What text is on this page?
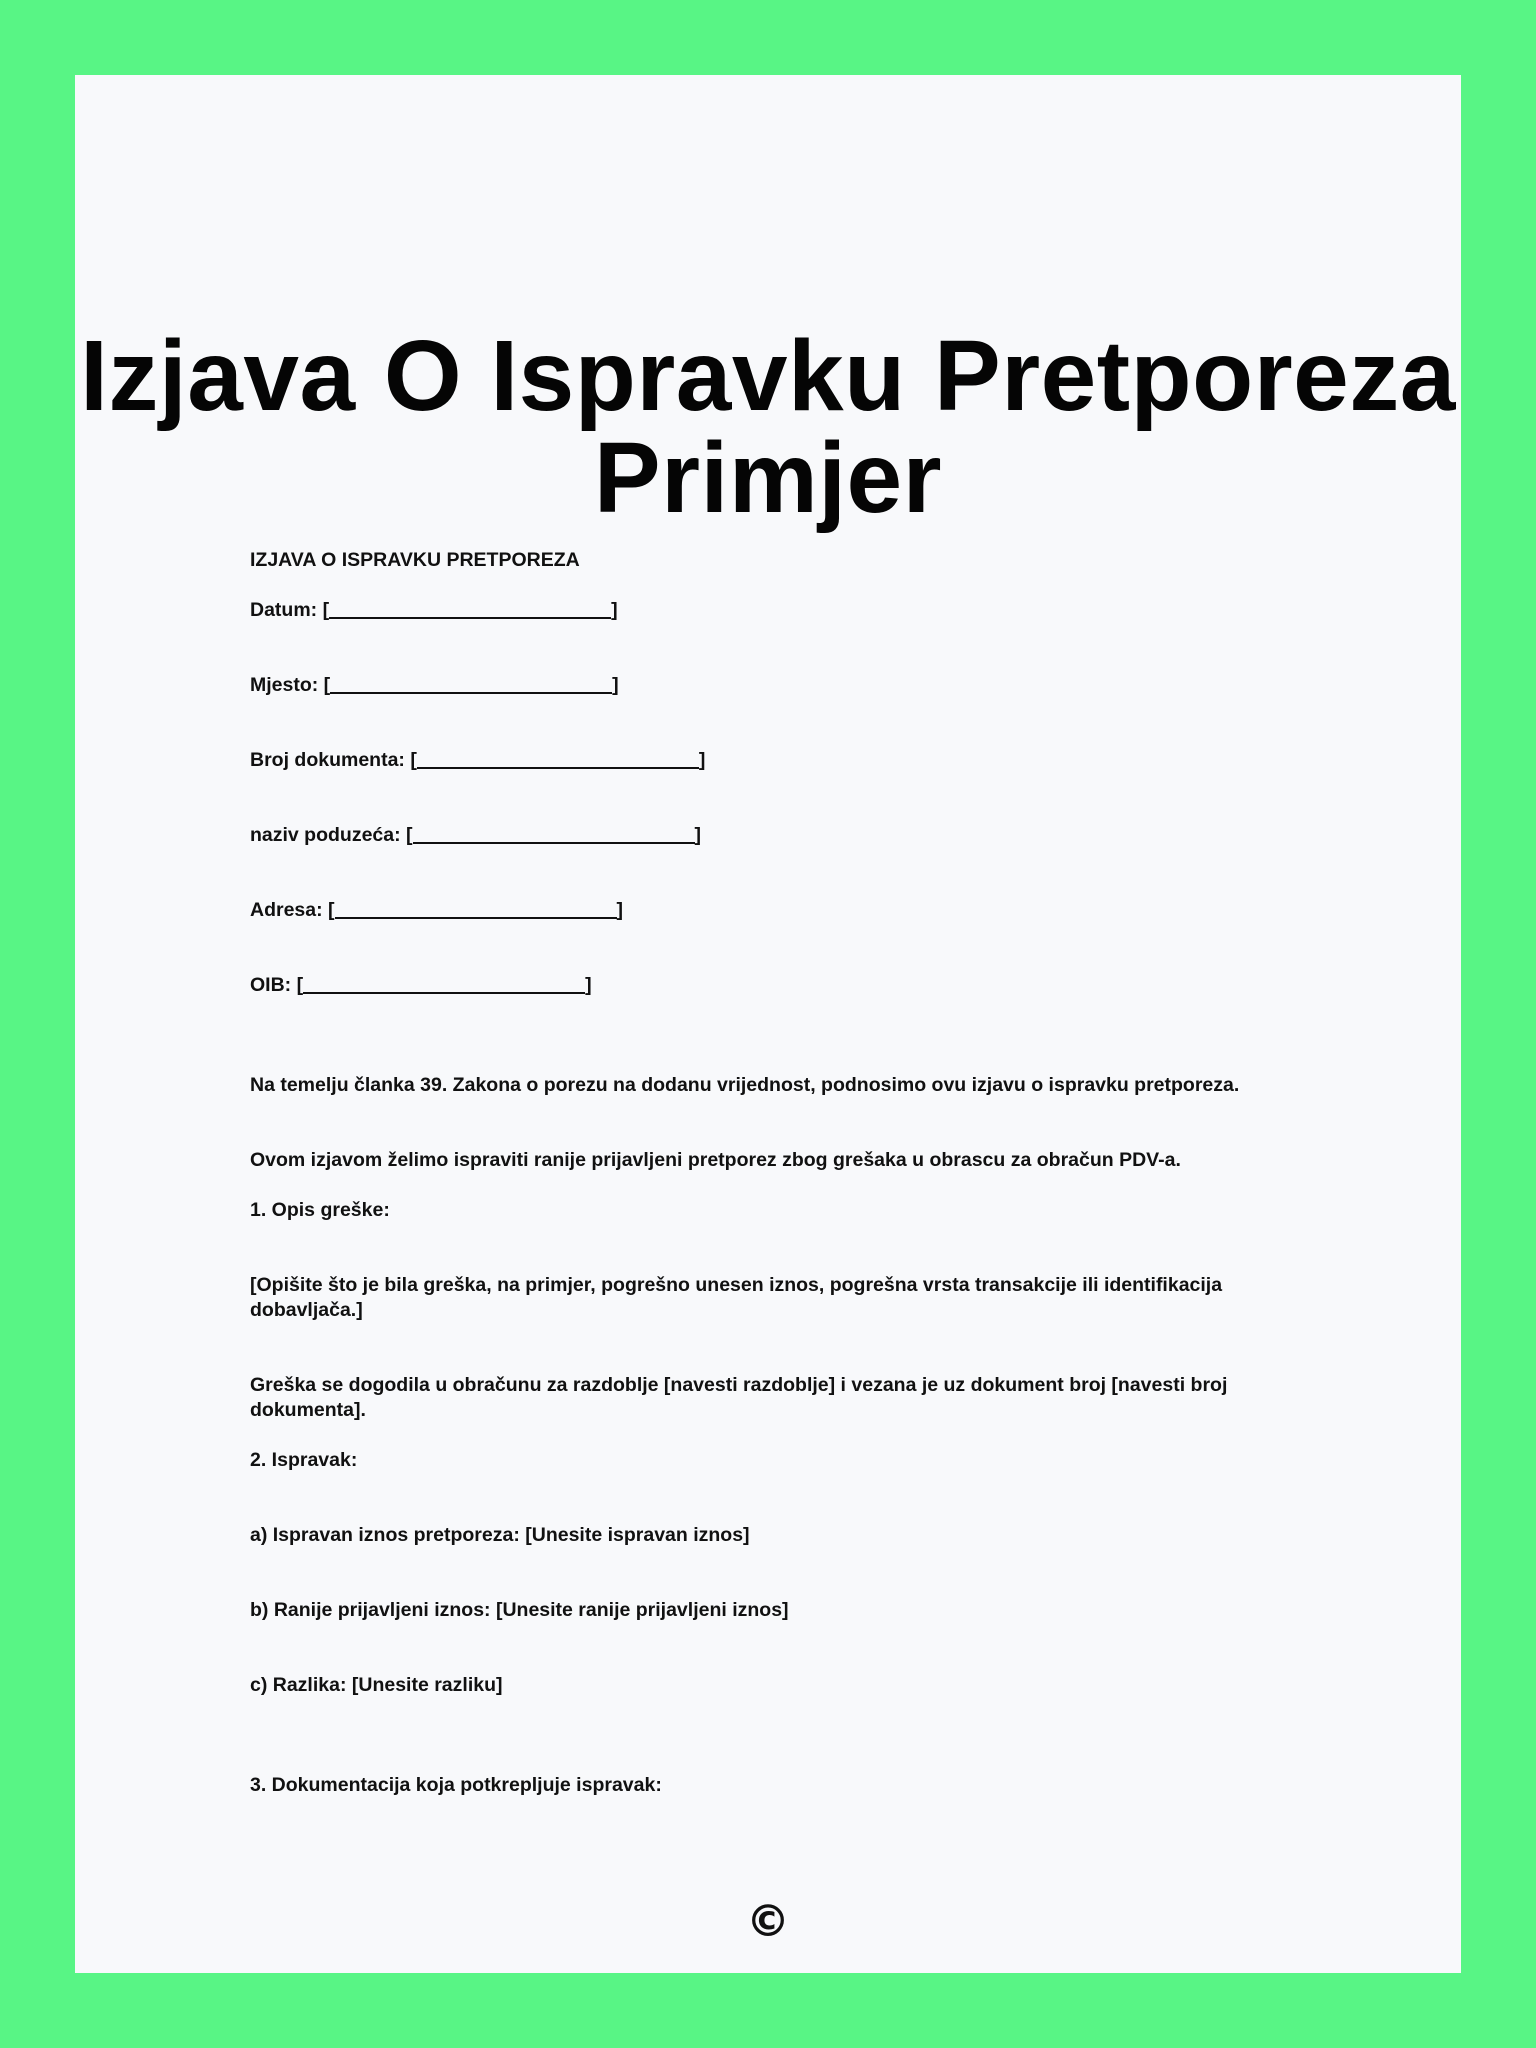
Izjava O Ispravku Pretporeza
Primjer

IZJAVA O ISPRAVKU PRETPOREZA

Datum: [	]

Mjesto: [	]

Broj dokumenta: [	]

naziv poduzeća: [	]

Adresa: [	]

OIB: [	]

Na temelju članka 39. Zakona o porezu na dodanu vrijednost, podnosimo ovu izjavu o ispravku pretporeza.

Ovom izjavom želimo ispraviti ranije prijavljeni pretporez zbog grešaka u obrascu za obračun PDV-a.

1. Opis greške:

[Opišite što je bila greška, na primjer, pogrešno unesen iznos, pogrešna vrsta transakcije ili identifikacija dobavljača.]

Greška se dogodila u obračunu za razdoblje [navesti razdoblje] i vezana je uz dokument broj [navesti broj dokumenta].

2. Ispravak:

a) Ispravan iznos pretporeza: [Unesite ispravan iznos]

b) Ranije prijavljeni iznos: [Unesite ranije prijavljeni iznos]

c) Razlika: [Unesite razliku]

3. Dokumentacija koja potkrepljuje ispravak:

©
